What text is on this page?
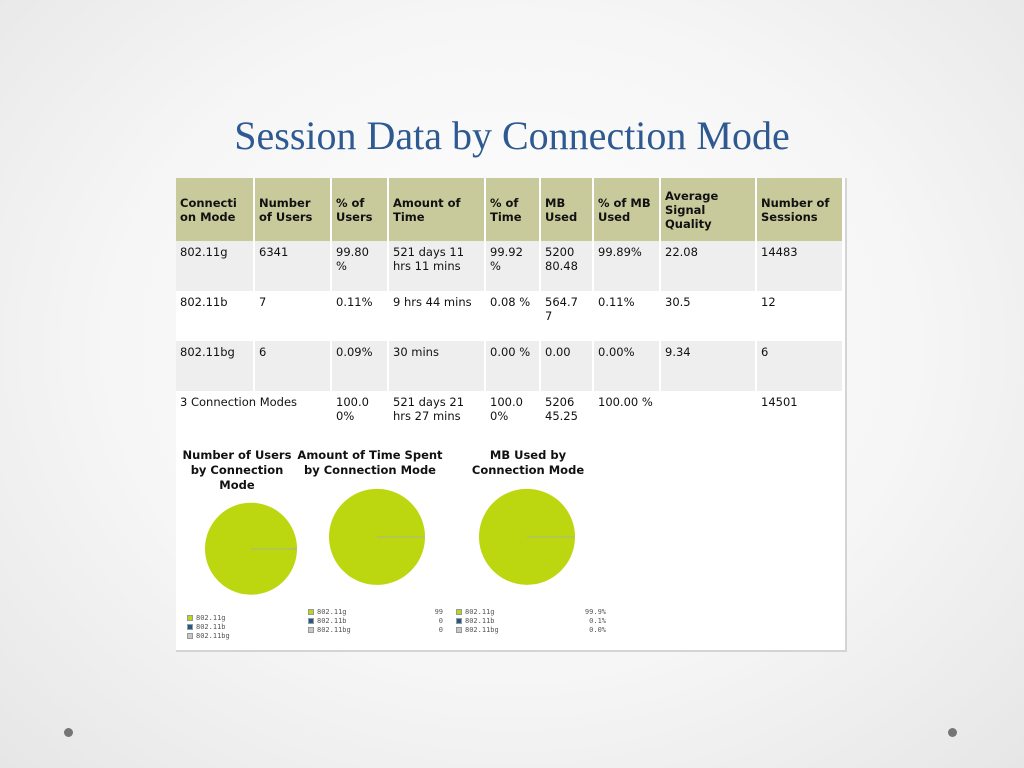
Session Data by Connection Mode
Connecti on Mode	Number of Users	% of Users	Amount of Time	% of Time	MB Used	% of MB Used	Average Signal Quality	Number of Sessions
802.11g	6341	99.80 %	521 days 11 hrs 11 mins	99.92 %	5200 80.48	99.89%	22.08	14483
802.11b	7	0.11%	9 hrs 44 mins	0.08 %	564.7 7	0.11%	30.5	12
802.11bg	6	0.09%	30 mins	0.00 %	0.00	0.00%	9.34	6
3 Connection Modes		100.0 0%	521 days 21 hrs 27 mins	100.0 0%	5206 45.25	100.00 %		14501
Number of Users by Connection Mode
802.11g
802.11b
802.11bg
Amount of Time Spent by Connection Mode
802.11g	99
802.11b	0
802.11bg	0
MB Used by Connection Mode
802.11g	99.9%
802.11b	0.1%
802.11bg	0.0%
